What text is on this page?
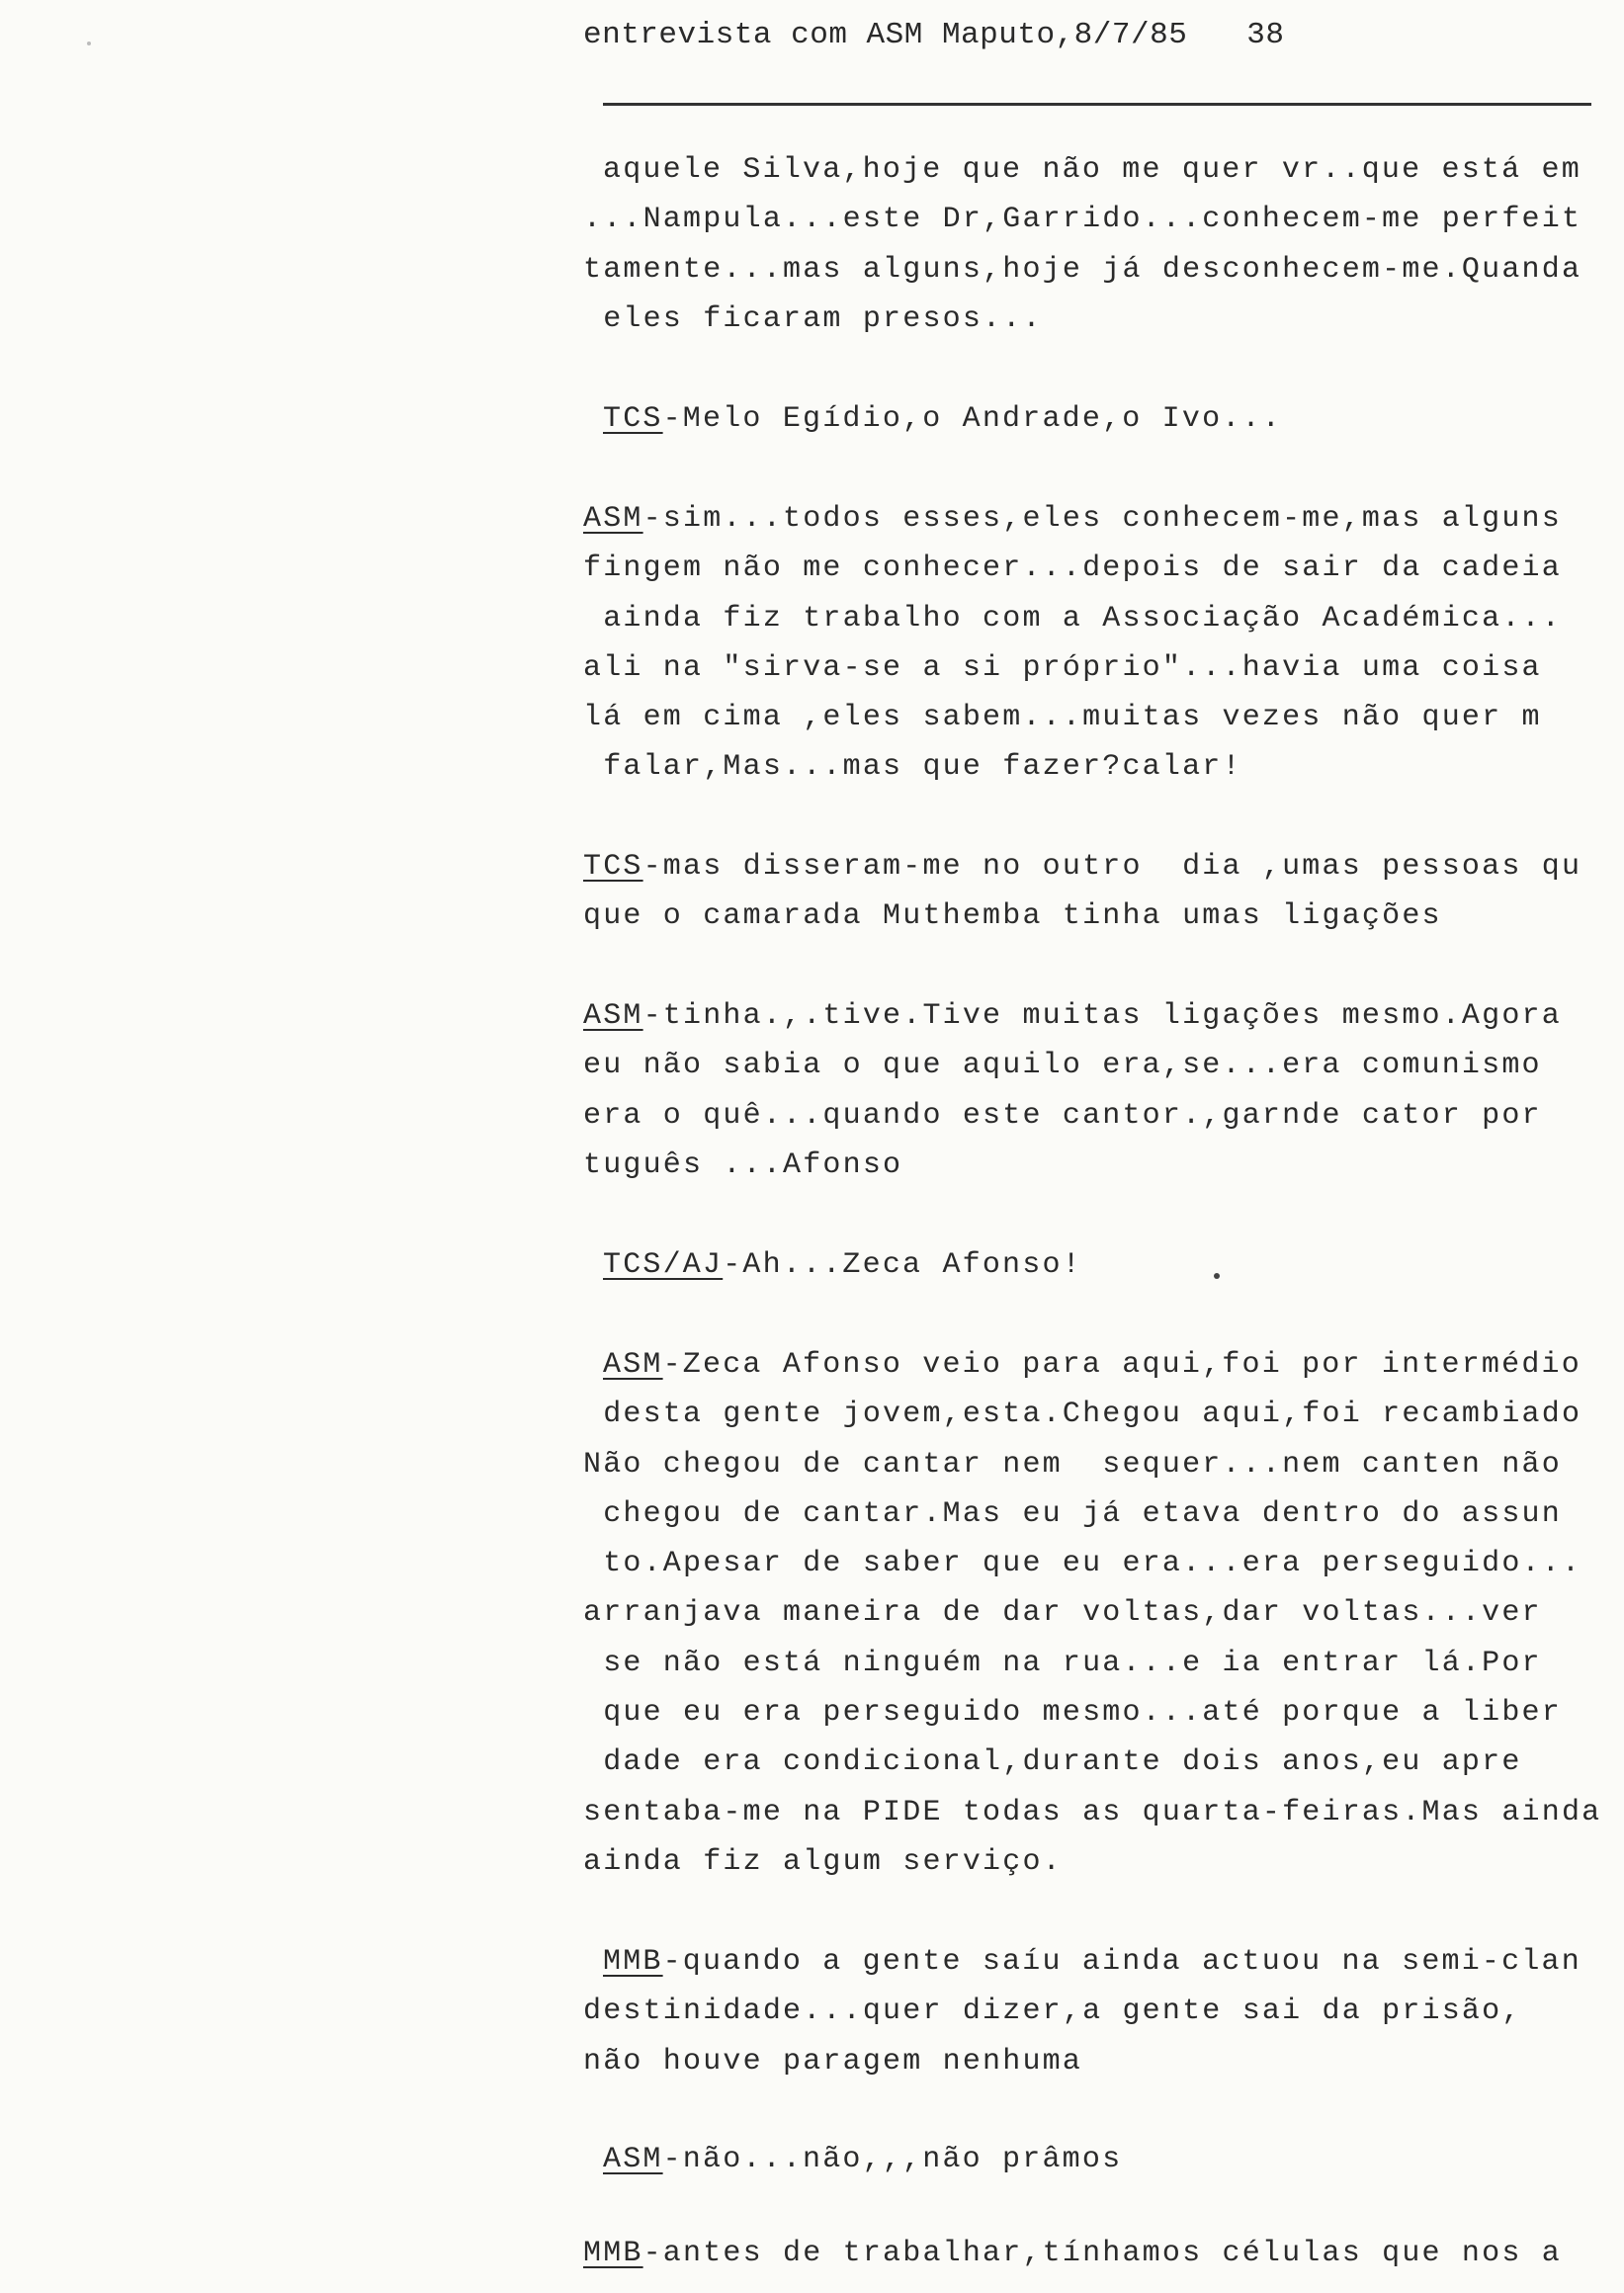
entrevista com ASM Maputo,8/7/85 38
aquele Silva,hoje que não me quer vr..que está em
...Nampula...este Dr,Garrido...conhecem-me perfeit
tamente...mas alguns,hoje já desconhecem-me.Quanda
eles ficaram presos...
TCS-Melo Egídio,o Andrade,o Ivo...
ASM-sim...todos esses,eles conhecem-me,mas alguns
fingem não me conhecer...depois de sair da cadeia
ainda fiz trabalho com a Associação Académica...
ali na "sirva-se a si próprio"...havia uma coisa
lá em cima ,eles sabem...muitas vezes não quer m
falar,Mas...mas que fazer?calar!
TCS-mas disseram-me no outro  dia ,umas pessoas qu
que o camarada Muthemba tinha umas ligações
ASM-tinha.,.tive.Tive muitas ligações mesmo.Agora
eu não sabia o que aquilo era,se...era comunismo
era o quê...quando este cantor.,garnde cator por
tuguês ...Afonso
TCS/AJ-Ah...Zeca Afonso!
ASM-Zeca Afonso veio para aqui,foi por intermédio
desta gente jovem,esta.Chegou aqui,foi recambiado
Não chegou de cantar nem  sequer...nem canten não
chegou de cantar.Mas eu já etava dentro do assun
to.Apesar de saber que eu era...era perseguido...
arranjava maneira de dar voltas,dar voltas...ver
se não está ninguém na rua...e ia entrar lá.Por
que eu era perseguido mesmo...até porque a liber
dade era condicional,durante dois anos,eu apre
sentaba-me na PIDE todas as quarta-feiras.Mas ainda
ainda fiz algum serviço.
MMB-quando a gente saíu ainda actuou na semi-clan
destinidade...quer dizer,a gente sai da prisão,
não houve paragem nenhuma
ASM-não...não,,,não prâmos
MMB-antes de trabalhar,tínhamos células que nos a
